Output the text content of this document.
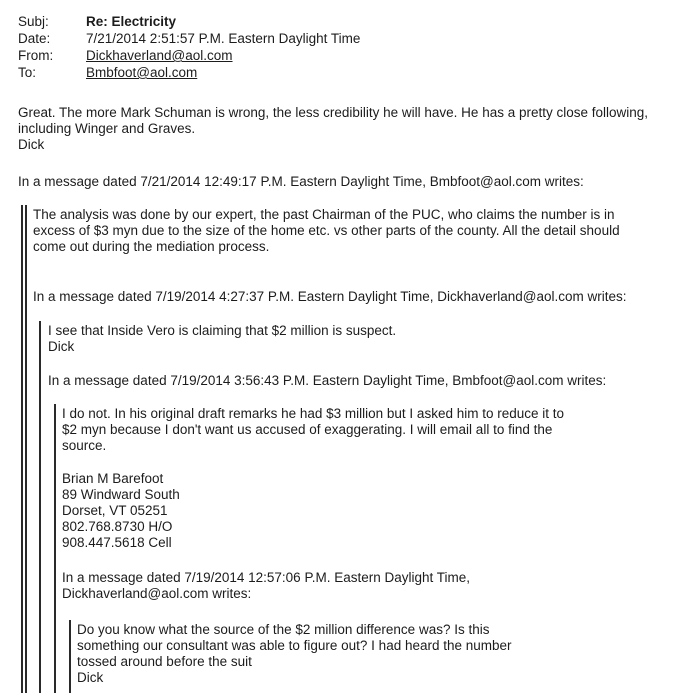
Subj:	Re: Electricity
Date:	7/21/2014 2:51:57 P.M. Eastern Daylight Time
From:	Dickhaverland@aol.com
To:	Bmbfoot@aol.com
Great. The more Mark Schuman is wrong, the less credibility he will have. He has a pretty close following,
including Winger and Graves.
Dick
In a message dated 7/21/2014 12:49:17 P.M. Eastern Daylight Time, Bmbfoot@aol.com writes:
The analysis was done by our expert, the past Chairman of the PUC, who claims the number is in
excess of $3 myn due to the size of the home etc. vs other parts of the county. All the detail should
come out during the mediation process.
In a message dated 7/19/2014 4:27:37 P.M. Eastern Daylight Time, Dickhaverland@aol.com writes:
I see that Inside Vero is claiming that $2 million is suspect.
Dick
In a message dated 7/19/2014 3:56:43 P.M. Eastern Daylight Time, Bmbfoot@aol.com writes:
I do not. In his original draft remarks he had $3 million but I asked him to reduce it to
$2 myn because I don't want us accused of exaggerating. I will email all to find the
source.
Brian M Barefoot
89 Windward South
Dorset, VT 05251
802.768.8730 H/O
908.447.5618 Cell
In a message dated 7/19/2014 12:57:06 P.M. Eastern Daylight Time,
Dickhaverland@aol.com writes:
Do you know what the source of the $2 million difference was? Is this
something our consultant was able to figure out? I had heard the number
tossed around before the suit
Dick
